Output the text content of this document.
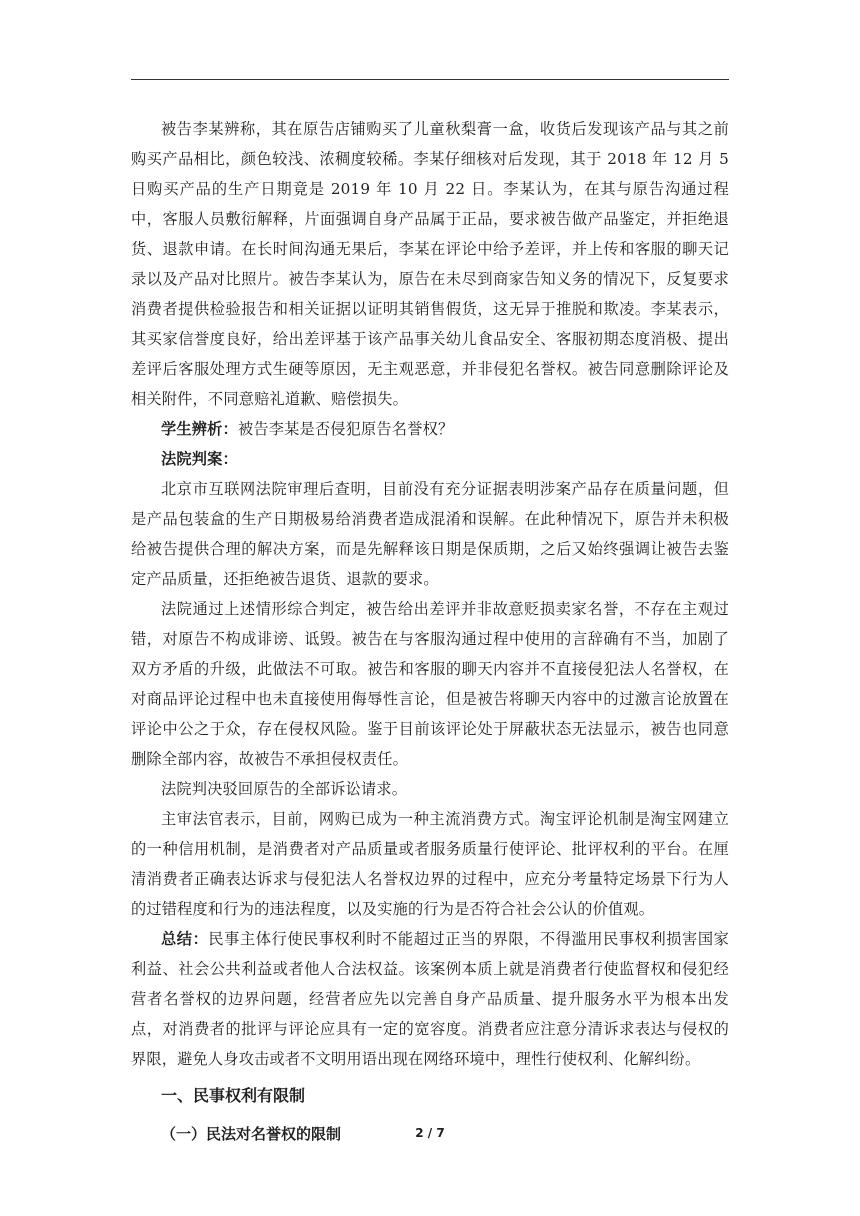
被告李某辨称，其在原告店铺购买了儿童秋梨膏一盒，收货后发现该产品与其之前购买产品相比，颜色较浅、浓稠度较稀。李某仔细核对后发现，其于 2018 年 12 月 5 日购买产品的生产日期竟是 2019 年 10 月 22 日。李某认为，在其与原告沟通过程中，客服人员敷衍解释，片面强调自身产品属于正品，要求被告做产品鉴定，并拒绝退货、退款申请。在长时间沟通无果后，李某在评论中给予差评，并上传和客服的聊天记录以及产品对比照片。被告李某认为，原告在未尽到商家告知义务的情况下，反复要求消费者提供检验报告和相关证据以证明其销售假货，这无异于推脱和欺凌。李某表示，其买家信誉度良好，给出差评基于该产品事关幼儿食品安全、客服初期态度消极、提出差评后客服处理方式生硬等原因，无主观恶意，并非侵犯名誉权。被告同意删除评论及相关附件，不同意赔礼道歉、赔偿损失。

学生辨析：被告李某是否侵犯原告名誉权？

法院判案：

北京市互联网法院审理后查明，目前没有充分证据表明涉案产品存在质量问题，但是产品包装盒的生产日期极易给消费者造成混淆和误解。在此种情况下，原告并未积极给被告提供合理的解决方案，而是先解释该日期是保质期，之后又始终强调让被告去鉴定产品质量，还拒绝被告退货、退款的要求。

法院通过上述情形综合判定，被告给出差评并非故意贬损卖家名誉，不存在主观过错，对原告不构成诽谤、诋毁。被告在与客服沟通过程中使用的言辞确有不当，加剧了双方矛盾的升级，此做法不可取。被告和客服的聊天内容并不直接侵犯法人名誉权，在对商品评论过程中也未直接使用侮辱性言论，但是被告将聊天内容中的过激言论放置在评论中公之于众，存在侵权风险。鉴于目前该评论处于屏蔽状态无法显示，被告也同意删除全部内容，故被告不承担侵权责任。

法院判决驳回原告的全部诉讼请求。

主审法官表示，目前，网购已成为一种主流消费方式。淘宝评论机制是淘宝网建立的一种信用机制，是消费者对产品质量或者服务质量行使评论、批评权利的平台。在厘清消费者正确表达诉求与侵犯法人名誉权边界的过程中，应充分考量特定场景下行为人的过错程度和行为的违法程度，以及实施的行为是否符合社会公认的价值观。

总结：民事主体行使民事权利时不能超过正当的界限，不得滥用民事权利损害国家利益、社会公共利益或者他人合法权益。该案例本质上就是消费者行使监督权和侵犯经营者名誉权的边界问题，经营者应先以完善自身产品质量、提升服务水平为根本出发点，对消费者的批评与评论应具有一定的宽容度。消费者应注意分清诉求表达与侵权的界限，避免人身攻击或者不文明用语出现在网络环境中，理性行使权利、化解纠纷。

一、民事权利有限制
（一）民法对名誉权的限制	2 / 7
